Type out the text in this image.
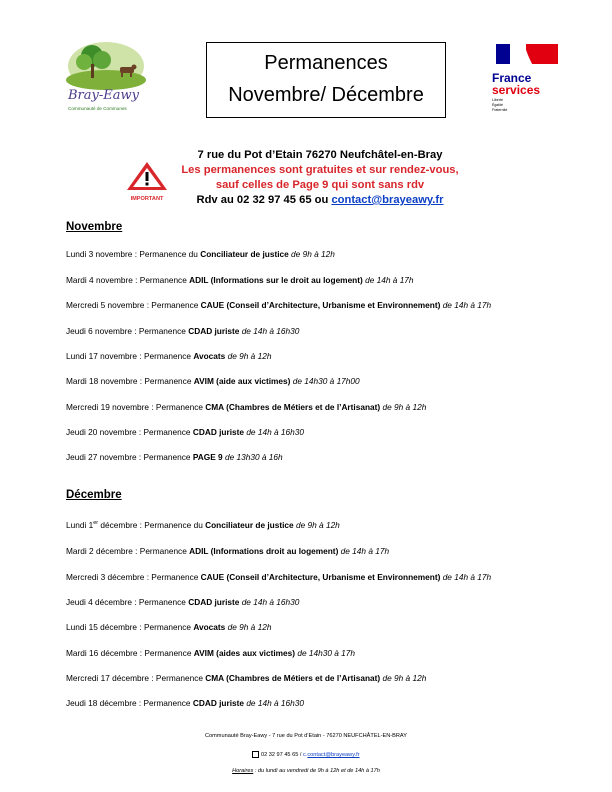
Bray-Eawy
Communauté de Communes
Permanences
Novembre/ Décembre
France
services
Liberté
Égalité
Fraternité
IMPORTANT
7 rue du Pot d’Etain 76270 Neufchâtel-en-Bray
Les permanences sont gratuites et sur rendez-vous,
sauf celles de Page 9 qui sont sans rdv
Rdv au 02 32 97 45 65 ou contact@brayeawy.fr
Novembre
Lundi 3 novembre : Permanence du Conciliateur de justice de 9h à 12h
Mardi 4 novembre : Permanence ADIL (Informations sur le droit au logement) de 14h à 17h
Mercredi 5 novembre : Permanence CAUE (Conseil d’Architecture, Urbanisme et Environnement) de 14h à 17h
Jeudi 6 novembre : Permanence CDAD juriste de 14h à 16h30
Lundi 17 novembre : Permanence Avocats de 9h à 12h
Mardi 18 novembre : Permanence AVIM (aide aux victimes) de 14h30 à 17h00
Mercredi 19 novembre : Permanence CMA (Chambres de Métiers et de l’Artisanat) de 9h à 12h
Jeudi 20 novembre : Permanence CDAD juriste de 14h à 16h30
Jeudi 27 novembre : Permanence PAGE 9 de 13h30 à 16h
Décembre
Lundi 1er décembre : Permanence du Conciliateur de justice de 9h à 12h
Mardi 2 décembre : Permanence ADIL (Informations droit au logement) de 14h à 17h
Mercredi 3 décembre : Permanence CAUE (Conseil d’Architecture, Urbanisme et Environnement) de 14h à 17h
Jeudi 4 décembre : Permanence CDAD juriste de 14h à 16h30
Lundi 15 décembre : Permanence Avocats de 9h à 12h
Mardi 16 décembre : Permanence AVIM (aides aux victimes) de 14h30 à 17h
Mercredi 17 décembre : Permanence CMA (Chambres de Métiers et de l’Artisanat) de 9h à 12h
Jeudi 18 décembre : Permanence CDAD juriste de 14h à 16h30
Communauté Bray-Eawy - 7 rue du Pot d’Etain - 76270 NEUFCHÂTEL-EN-BRAY
02 32 97 45 65 / c.contact@brayeawy.fr
Horaires : du lundi au vendredi de 9h à 12h et de 14h à 17h
